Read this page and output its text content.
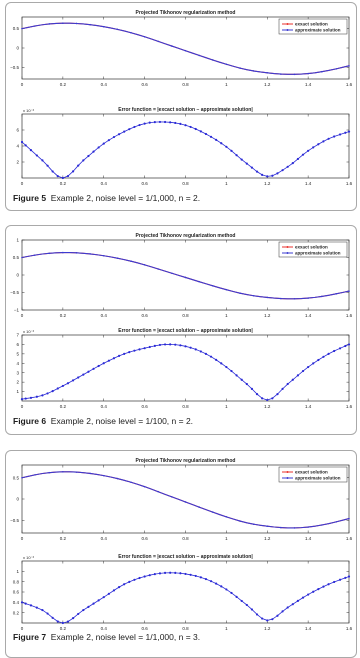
Projected Tikhonov regularization method
0	0.2	0.4	0.6	0.8	1	1.2	1.4	1.6
−0.5
0
0.5
exxact solution
approximate solution
Error function = |excact solution − approximate solution|
x 10⁻³
0	0.2	0.4	0.6	0.8	1	1.2	1.4	1.6
2
4
6
Figure 5 Example 2, noise level = 1/1,000, n = 2.
Projected Tikhonov regularization method
0	0.2	0.4	0.6	0.8	1	1.2	1.4	1.6
−1
−0.5
0
0.5
1
exxact solution
approximate solution
Error function = |excact solution − approximate solution|
x 10⁻³
0	0.2	0.4	0.6	0.8	1	1.2	1.4	1.6
1
2
3
4
5
6
7
Figure 6 Example 2, noise level = 1/100, n = 2.
Projected Tikhonov regularization method
0	0.2	0.4	0.6	0.8	1	1.2	1.4	1.6
−0.5
0
0.5
exxact solution
approximate solution
Error function = |excact solution − approximate solution|
x 10⁻³
0	0.2	0.4	0.6	0.8	1	1.2	1.4	1.6
0.2
0.4
0.6
0.8
1
Figure 7 Example 2, noise level = 1/1,000, n = 3.
